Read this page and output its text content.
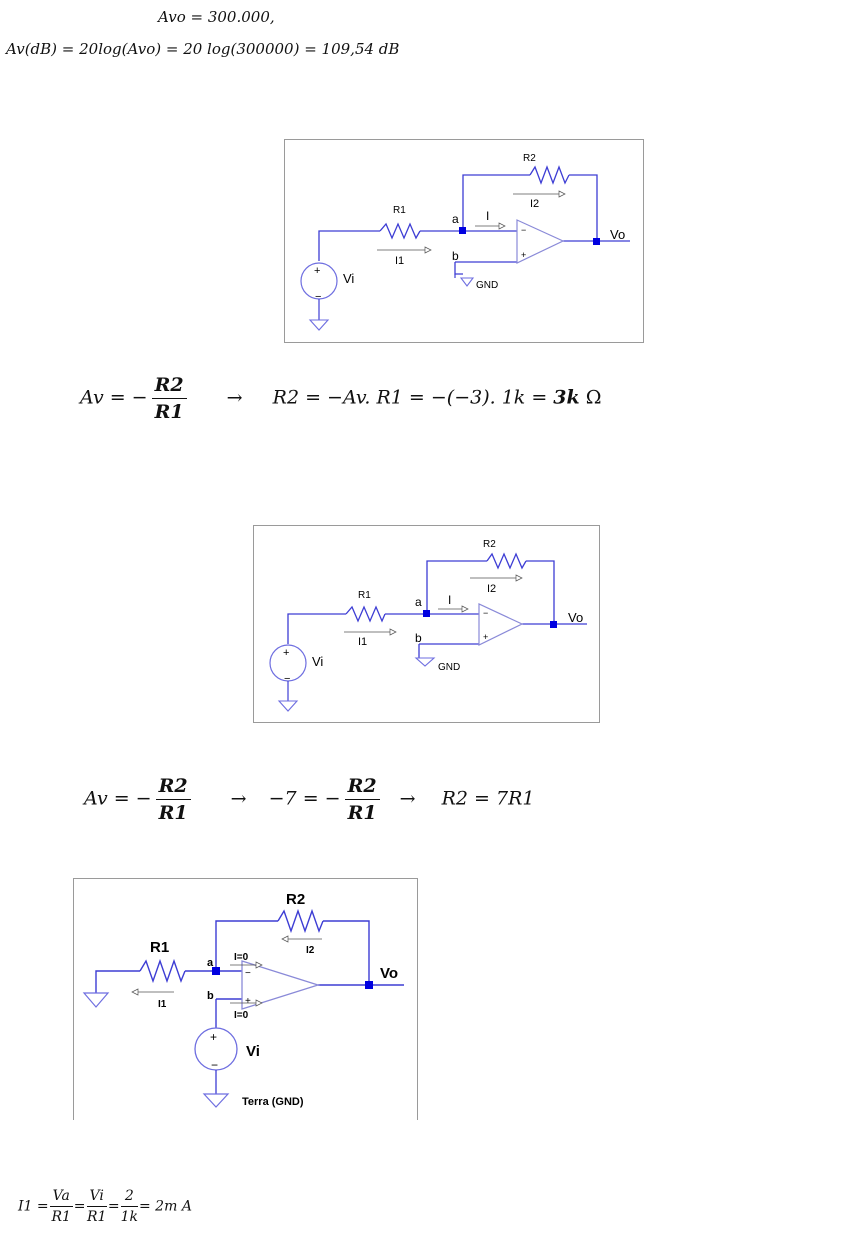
Avo = 300.000,
Av(dB) = 20log(Avo) = 20 log(300000) = 109,54 dB
−
+
+
−
R1
R2
I1
I2
I
a
b
Vo
Vi	GND
Av = − $\frac{R2}{R1} \to R2 = -Av$. R1 = −(−3). 1k = 3k Ω
−
+
+
−
R1
R2
I1
I2
I
a
b
Vo
Vi	GND
Av = − $\frac{R2}{R1} \to -7$ = − $\frac{R2}{R1} \to R2 = 7R1$
−
+
+
−
R1
R2
I1
I2
I=0
I=0
a
b
Vo
Vi
Terra (GND)
$I1 = \frac{Va}{R1} = \frac{Vi}{R1} = \frac{2}{1k} = 2m$ A
